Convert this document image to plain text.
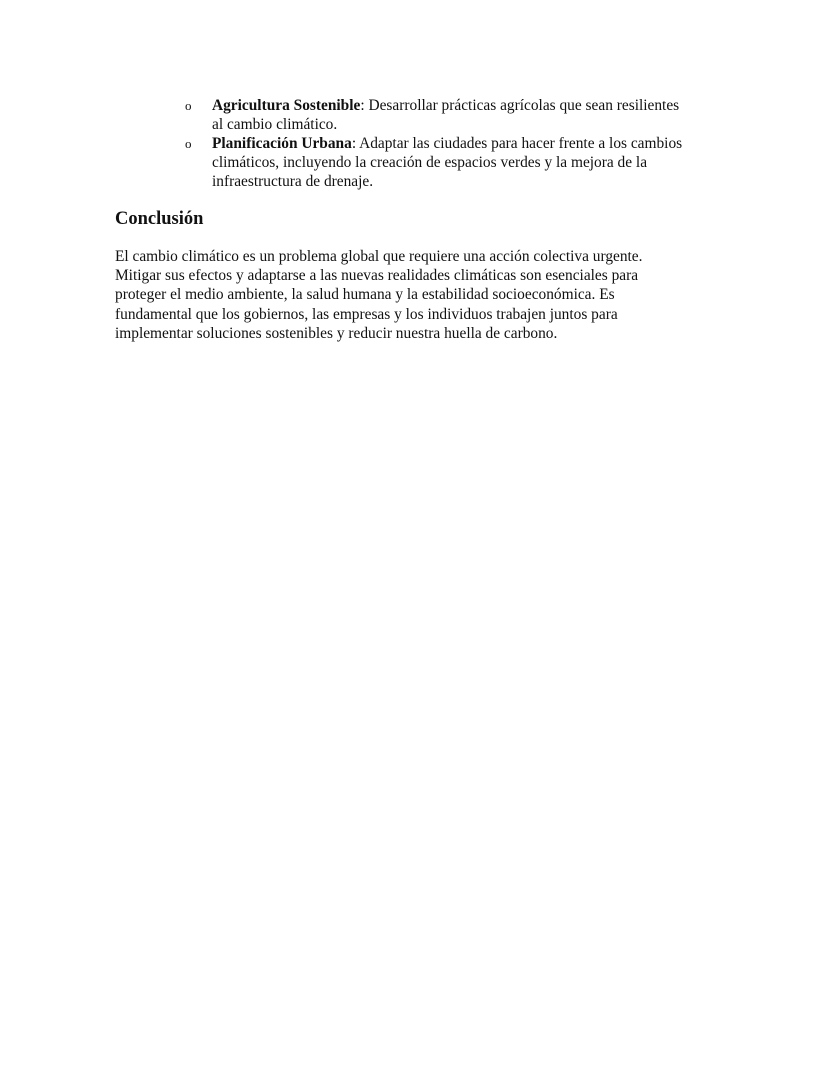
o Agricultura Sostenible: Desarrollar prácticas agrícolas que sean resilientes
al cambio climático.
o Planificación Urbana: Adaptar las ciudades para hacer frente a los cambios
climáticos, incluyendo la creación de espacios verdes y la mejora de la
infraestructura de drenaje.
Conclusión

El cambio climático es un problema global que requiere una acción colectiva urgente.
Mitigar sus efectos y adaptarse a las nuevas realidades climáticas son esenciales para
proteger el medio ambiente, la salud humana y la estabilidad socioeconómica. Es
fundamental que los gobiernos, las empresas y los individuos trabajen juntos para
implementar soluciones sostenibles y reducir nuestra huella de carbono.
